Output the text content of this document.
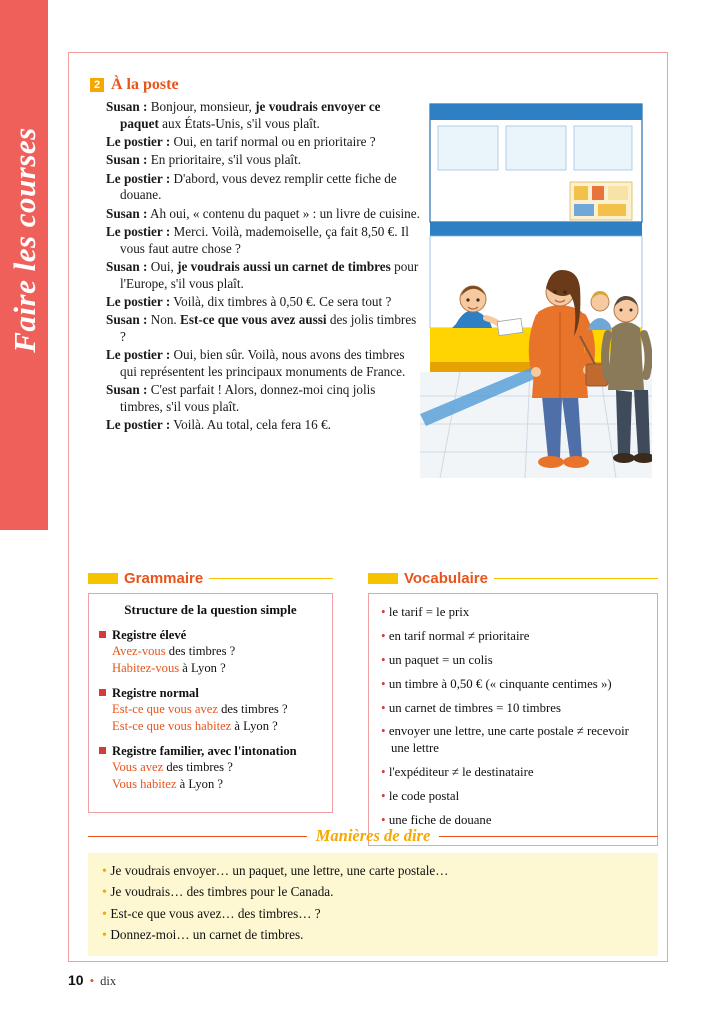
Faire les courses
2 À la poste
Susan : Bonjour, monsieur, je voudrais envoyer ce paquet aux États-Unis, s'il vous plaît.
Le postier : Oui, en tarif normal ou en prioritaire ?
Susan : En prioritaire, s'il vous plaît.
Le postier : D'abord, vous devez remplir cette fiche de douane.
Susan : Ah oui, « contenu du paquet » : un livre de cuisine.
Le postier : Merci. Voilà, mademoiselle, ça fait 8,50 €. Il vous faut autre chose ?
Susan : Oui, je voudrais aussi un carnet de timbres pour l'Europe, s'il vous plaît.
Le postier : Voilà, dix timbres à 0,50 €. Ce sera tout ?
Susan : Non. Est-ce que vous avez aussi des jolis timbres ?
Le postier : Oui, bien sûr. Voilà, nous avons des timbres qui représentent les principaux monuments de France.
Susan : C'est parfait ! Alors, donnez-moi cinq jolis timbres, s'il vous plaît.
Le postier : Voilà. Au total, cela fera 16 €.
Grammaire
Structure de la question simple
Registre élevé
Avez-vous des timbres ?
Habitez-vous à Lyon ?
Registre normal
Est-ce que vous avez des timbres ?
Est-ce que vous habitez à Lyon ?
Registre familier, avec l'intonation
Vous avez des timbres ?
Vous habitez à Lyon ?
Vocabulaire
• le tarif = le prix
• en tarif normal ≠ prioritaire
• un paquet = un colis
• un timbre à 0,50 € (« cinquante centimes »)
• un carnet de timbres = 10 timbres
• envoyer une lettre, une carte postale ≠ recevoir une lettre
• l'expéditeur ≠ le destinataire
• le code postal
• une fiche de douane
Manières de dire
• Je voudrais envoyer… un paquet, une lettre, une carte postale…
• Je voudrais… des timbres pour le Canada.
• Est-ce que vous avez… des timbres… ?
• Donnez-moi… un carnet de timbres.
10 • dix
